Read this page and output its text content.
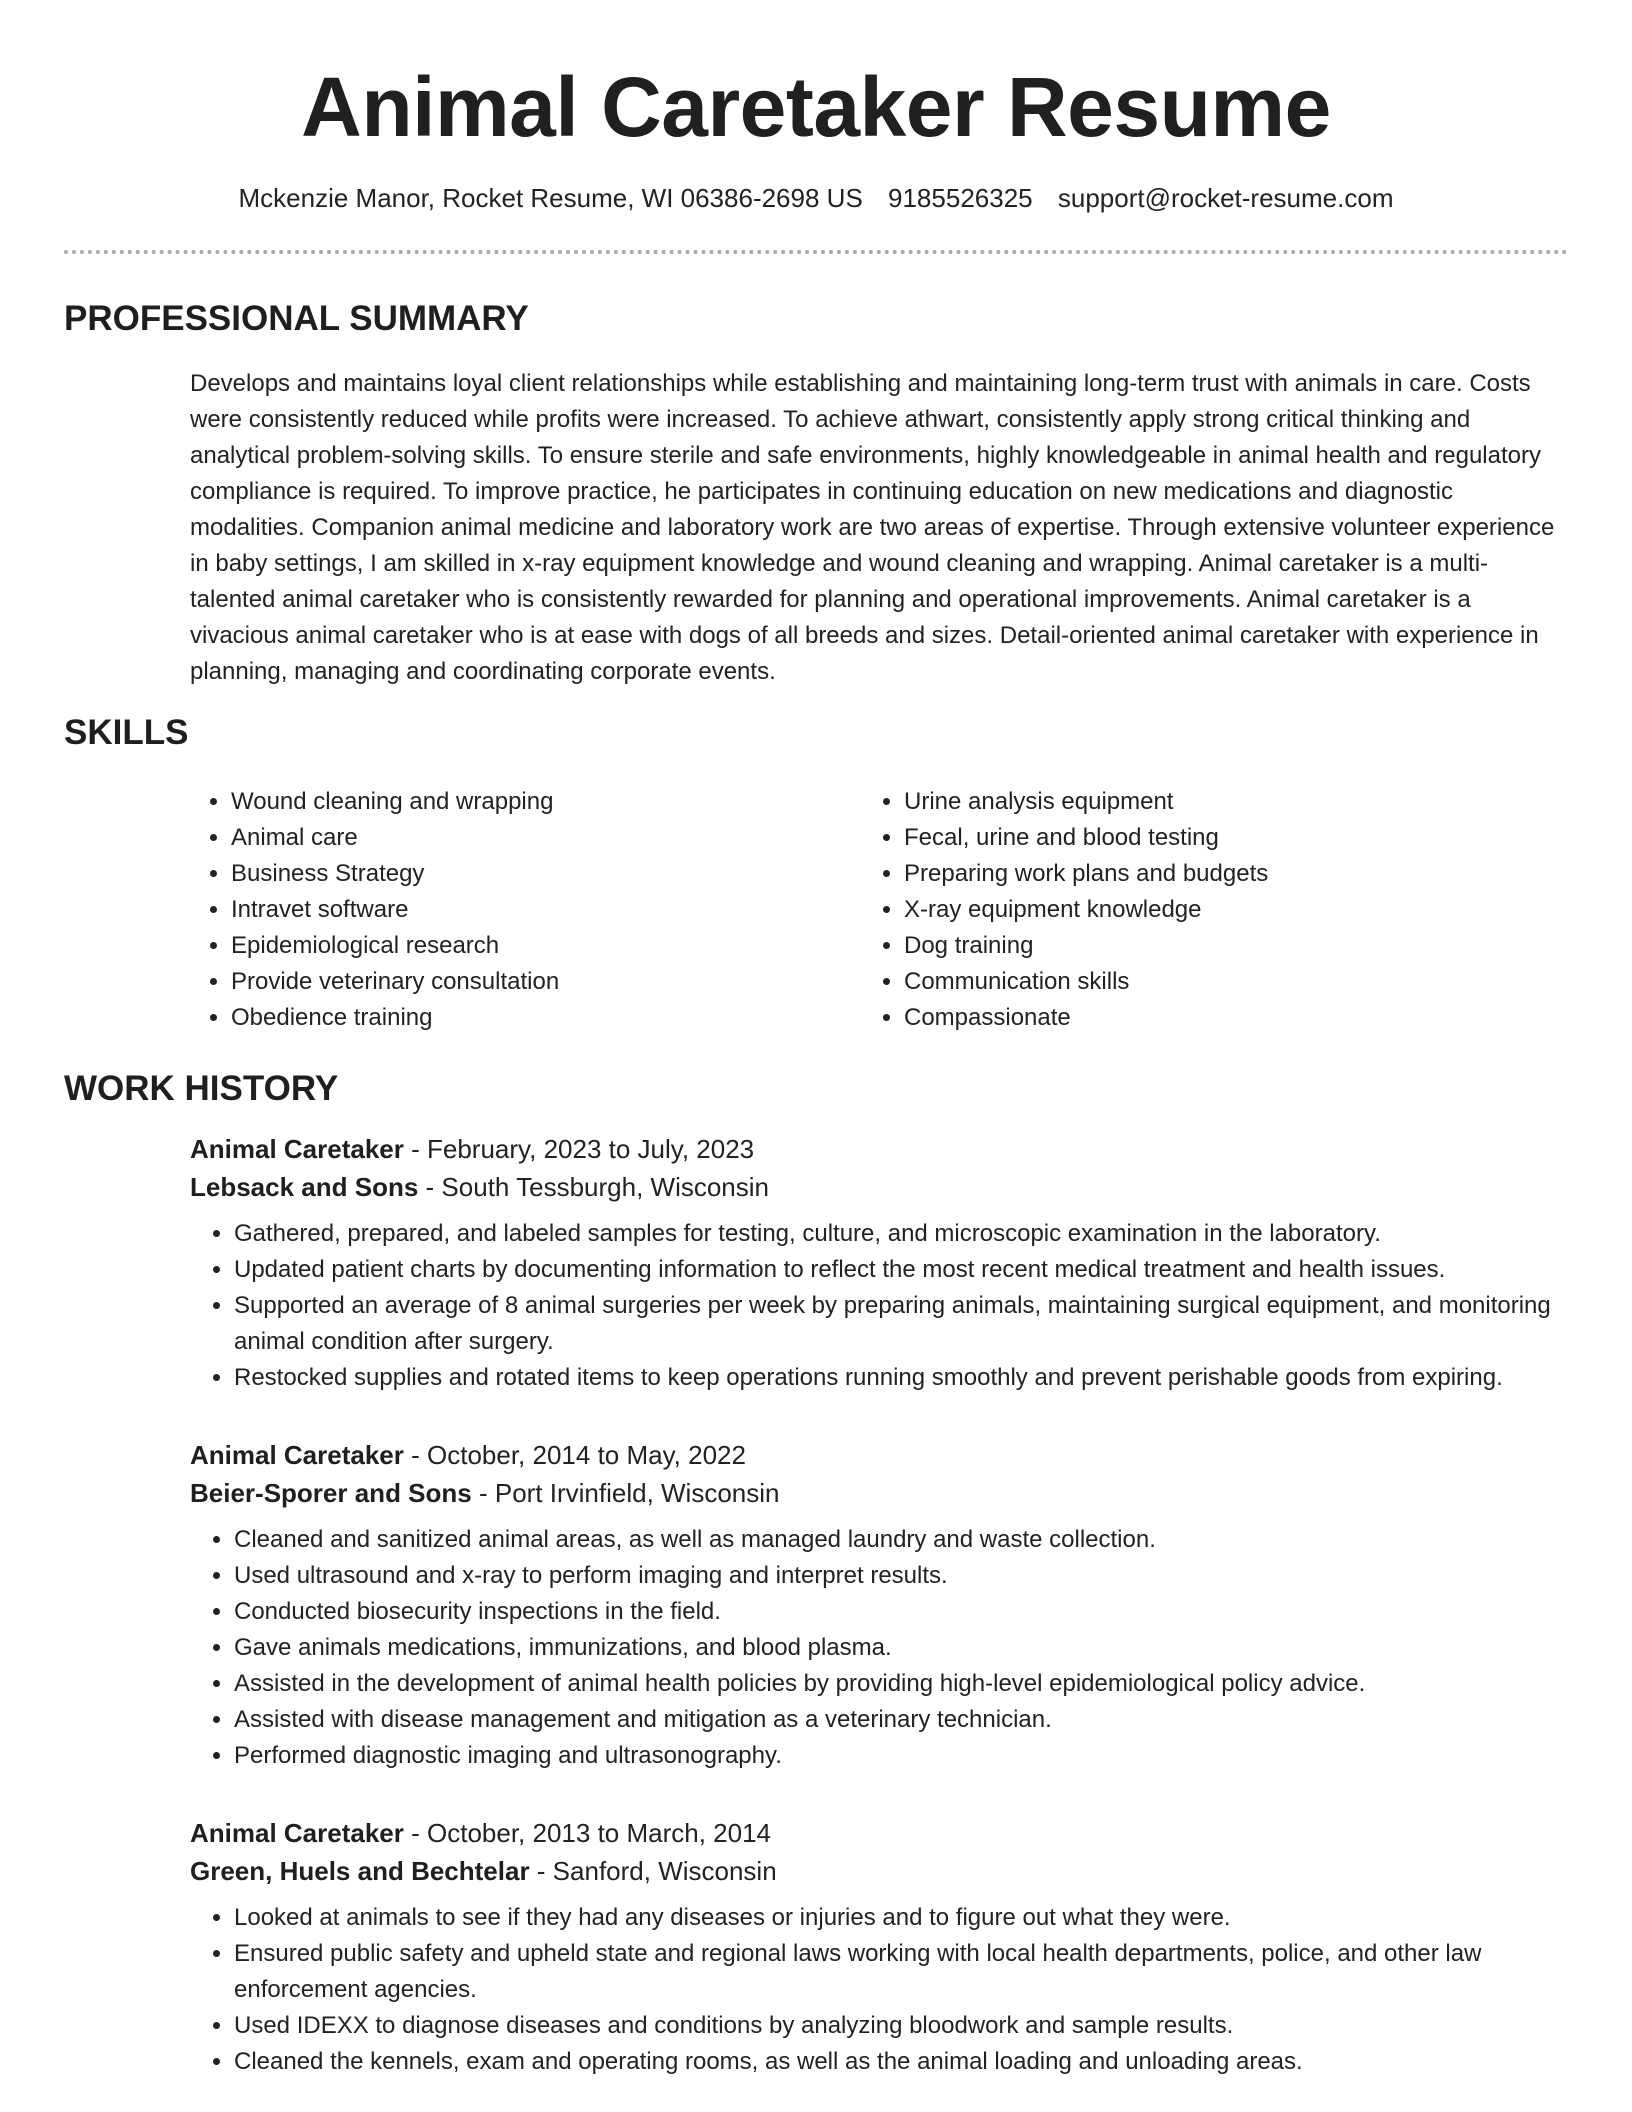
Animal Caretaker Resume
Mckenzie Manor, Rocket Resume, WI 06386-2698 US 9185526325 support@rocket-resume.com
PROFESSIONAL SUMMARY

Develops and maintains loyal client relationships while establishing and maintaining long-term trust with animals in care. Costs were consistently reduced while profits were increased. To achieve athwart, consistently apply strong critical thinking and analytical problem-solving skills. To ensure sterile and safe environments, highly knowledgeable in animal health and regulatory compliance is required. To improve practice, he participates in continuing education on new medications and diagnostic modalities. Companion animal medicine and laboratory work are two areas of expertise. Through extensive volunteer experience in baby settings, I am skilled in x-ray equipment knowledge and wound cleaning and wrapping. Animal caretaker is a multi-talented animal caretaker who is consistently rewarded for planning and operational improvements. Animal caretaker is a vivacious animal caretaker who is at ease with dogs of all breeds and sizes. Detail-oriented animal caretaker with experience in planning, managing and coordinating corporate events.

SKILLS
• Wound cleaning and wrapping
• Animal care
• Business Strategy
• Intravet software
• Epidemiological research
• Provide veterinary consultation
• Obedience training
• Urine analysis equipment
• Fecal, urine and blood testing
• Preparing work plans and budgets
• X-ray equipment knowledge
• Dog training
• Communication skills
• Compassionate
WORK HISTORY
Animal Caretaker - February, 2023 to July, 2023
Lebsack and Sons - South Tessburgh, Wisconsin
• Gathered, prepared, and labeled samples for testing, culture, and microscopic examination in the laboratory.
• Updated patient charts by documenting information to reflect the most recent medical treatment and health issues.
• Supported an average of 8 animal surgeries per week by preparing animals, maintaining surgical equipment, and monitoring animal condition after surgery.
• Restocked supplies and rotated items to keep operations running smoothly and prevent perishable goods from expiring.
Animal Caretaker - October, 2014 to May, 2022
Beier-Sporer and Sons - Port Irvinfield, Wisconsin
• Cleaned and sanitized animal areas, as well as managed laundry and waste collection.
• Used ultrasound and x-ray to perform imaging and interpret results.
• Conducted biosecurity inspections in the field.
• Gave animals medications, immunizations, and blood plasma.
• Assisted in the development of animal health policies by providing high-level epidemiological policy advice.
• Assisted with disease management and mitigation as a veterinary technician.
• Performed diagnostic imaging and ultrasonography.
Animal Caretaker - October, 2013 to March, 2014
Green, Huels and Bechtelar - Sanford, Wisconsin
• Looked at animals to see if they had any diseases or injuries and to figure out what they were.
• Ensured public safety and upheld state and regional laws working with local health departments, police, and other law enforcement agencies.
• Used IDEXX to diagnose diseases and conditions by analyzing bloodwork and sample results.
• Cleaned the kennels, exam and operating rooms, as well as the animal loading and unloading areas.
